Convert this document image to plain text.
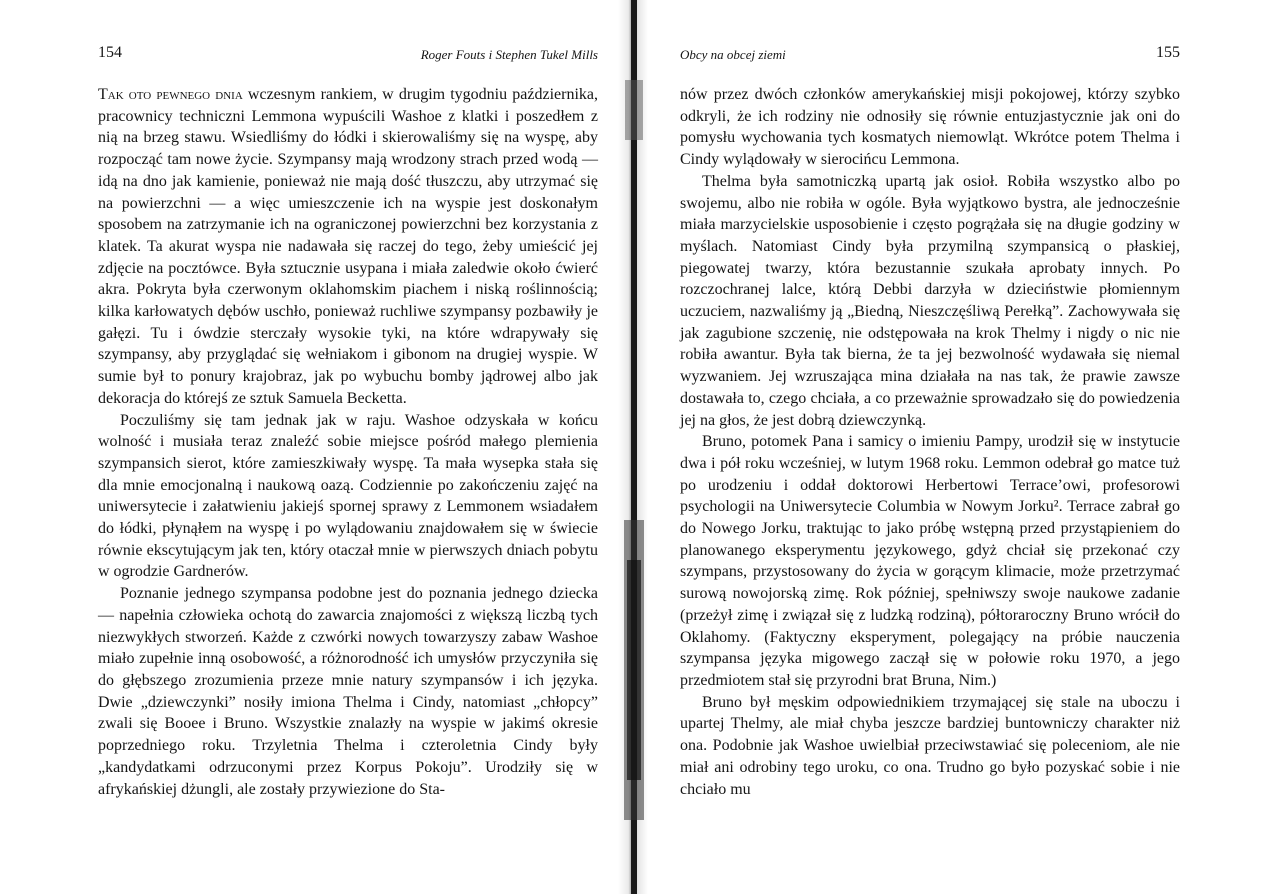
154	Roger Fouts i Stephen Tukel Mills

Tak oto pewnego dnia wczesnym rankiem, w drugim tygodniu października, pracownicy techniczni Lemmona wypuścili Washoe z klatki i poszedłem z nią na brzeg stawu. Wsiedliśmy do łódki i skierowaliśmy się na wyspę, aby rozpocząć tam nowe życie. Szympansy mają wrodzony strach przed wodą — idą na dno jak kamienie, ponieważ nie mają dość tłuszczu, aby utrzymać się na powierzchni — a więc umieszczenie ich na wyspie jest doskonałym sposobem na zatrzymanie ich na ograniczonej powierzchni bez korzystania z klatek. Ta akurat wyspa nie nadawała się raczej do tego, żeby umieścić jej zdjęcie na pocztówce. Była sztucznie usypana i miała zaledwie około ćwierć akra. Pokryta była czerwonym oklahomskim piachem i niską roślinnością; kilka karłowatych dębów uschło, ponieważ ruchliwe szympansy pozbawiły je gałęzi. Tu i ówdzie sterczały wysokie tyki, na które wdrapywały się szympansy, aby przyglądać się wełniakom i gibonom na drugiej wyspie. W sumie był to ponury krajobraz, jak po wybuchu bomby jądrowej albo jak dekoracja do którejś ze sztuk Samuela Becketta.

Poczuliśmy się tam jednak jak w raju. Washoe odzyskała w końcu wolność i musiała teraz znaleźć sobie miejsce pośród małego plemienia szympansich sierot, które zamieszkiwały wyspę. Ta mała wysepka stała się dla mnie emocjonalną i naukową oazą. Codziennie po zakończeniu zajęć na uniwersytecie i załatwieniu jakiejś spornej sprawy z Lemmonem wsiadałem do łódki, płynąłem na wyspę i po wylądowaniu znajdowałem się w świecie równie ekscytującym jak ten, który otaczał mnie w pierwszych dniach pobytu w ogrodzie Gardnerów.

Poznanie jednego szympansa podobne jest do poznania jednego dziecka — napełnia człowieka ochotą do zawarcia znajomości z większą liczbą tych niezwykłych stworzeń. Każde z czwórki nowych towarzyszy zabaw Washoe miało zupełnie inną osobowość, a różnorodność ich umysłów przyczyniła się do głębszego zrozumienia przeze mnie natury szympansów i ich języka. Dwie „dziewczynki” nosiły imiona Thelma i Cindy, natomiast „chłopcy” zwali się Booee i Bruno. Wszystkie znalazły na wyspie w jakimś okresie poprzedniego roku. Trzyletnia Thelma i czteroletnia Cindy były „kandydatkami odrzuconymi przez Korpus Pokoju”. Urodziły się w afrykańskiej dżungli, ale zostały przywiezione do Sta-

Obcy na obcej ziemi	155

nów przez dwóch członków amerykańskiej misji pokojowej, którzy szybko odkryli, że ich rodziny nie odnosiły się równie entuzjastycznie jak oni do pomysłu wychowania tych kosmatych niemowląt. Wkrótce potem Thelma i Cindy wylądowały w sierocińcu Lemmona.

Thelma była samotniczką upartą jak osioł. Robiła wszystko albo po swojemu, albo nie robiła w ogóle. Była wyjątkowo bystra, ale jednocześnie miała marzycielskie usposobienie i często pogrążała się na długie godziny w myślach. Natomiast Cindy była przymilną szympansicą o płaskiej, piegowatej twarzy, która bezustannie szukała aprobaty innych. Po rozczochranej lalce, którą Debbi darzyła w dzieciństwie płomiennym uczuciem, nazwaliśmy ją „Biedną, Nieszczęśliwą Perełką”. Zachowywała się jak zagubione szczenię, nie odstępowała na krok Thelmy i nigdy o nic nie robiła awantur. Była tak bierna, że ta jej bezwolność wydawała się niemal wyzwaniem. Jej wzruszająca mina działała na nas tak, że prawie zawsze dostawała to, czego chciała, a co przeważnie sprowadzało się do powiedzenia jej na głos, że jest dobrą dziewczynką.

Bruno, potomek Pana i samicy o imieniu Pampy, urodził się w instytucie dwa i pół roku wcześniej, w lutym 1968 roku. Lemmon odebrał go matce tuż po urodzeniu i oddał doktorowi Herbertowi Terrace’owi, profesorowi psychologii na Uniwersytecie Columbia w Nowym Jorku². Terrace zabrał go do Nowego Jorku, traktując to jako próbę wstępną przed przystąpieniem do planowanego eksperymentu językowego, gdyż chciał się przekonać czy szympans, przystosowany do życia w gorącym klimacie, może przetrzymać surową nowojorską zimę. Rok później, spełniwszy swoje naukowe zadanie (przeżył zimę i związał się z ludzką rodziną), półtoraroczny Bruno wrócił do Oklahomy. (Faktyczny eksperyment, polegający na próbie nauczenia szympansa języka migowego zaczął się w połowie roku 1970, a jego przedmiotem stał się przyrodni brat Bruna, Nim.)

Bruno był męskim odpowiednikiem trzymającej się stale na uboczu i upartej Thelmy, ale miał chyba jeszcze bardziej buntowniczy charakter niż ona. Podobnie jak Washoe uwielbiał przeciwstawiać się poleceniom, ale nie miał ani odrobiny tego uroku, co ona. Trudno go było pozyskać sobie i nie chciało mu
